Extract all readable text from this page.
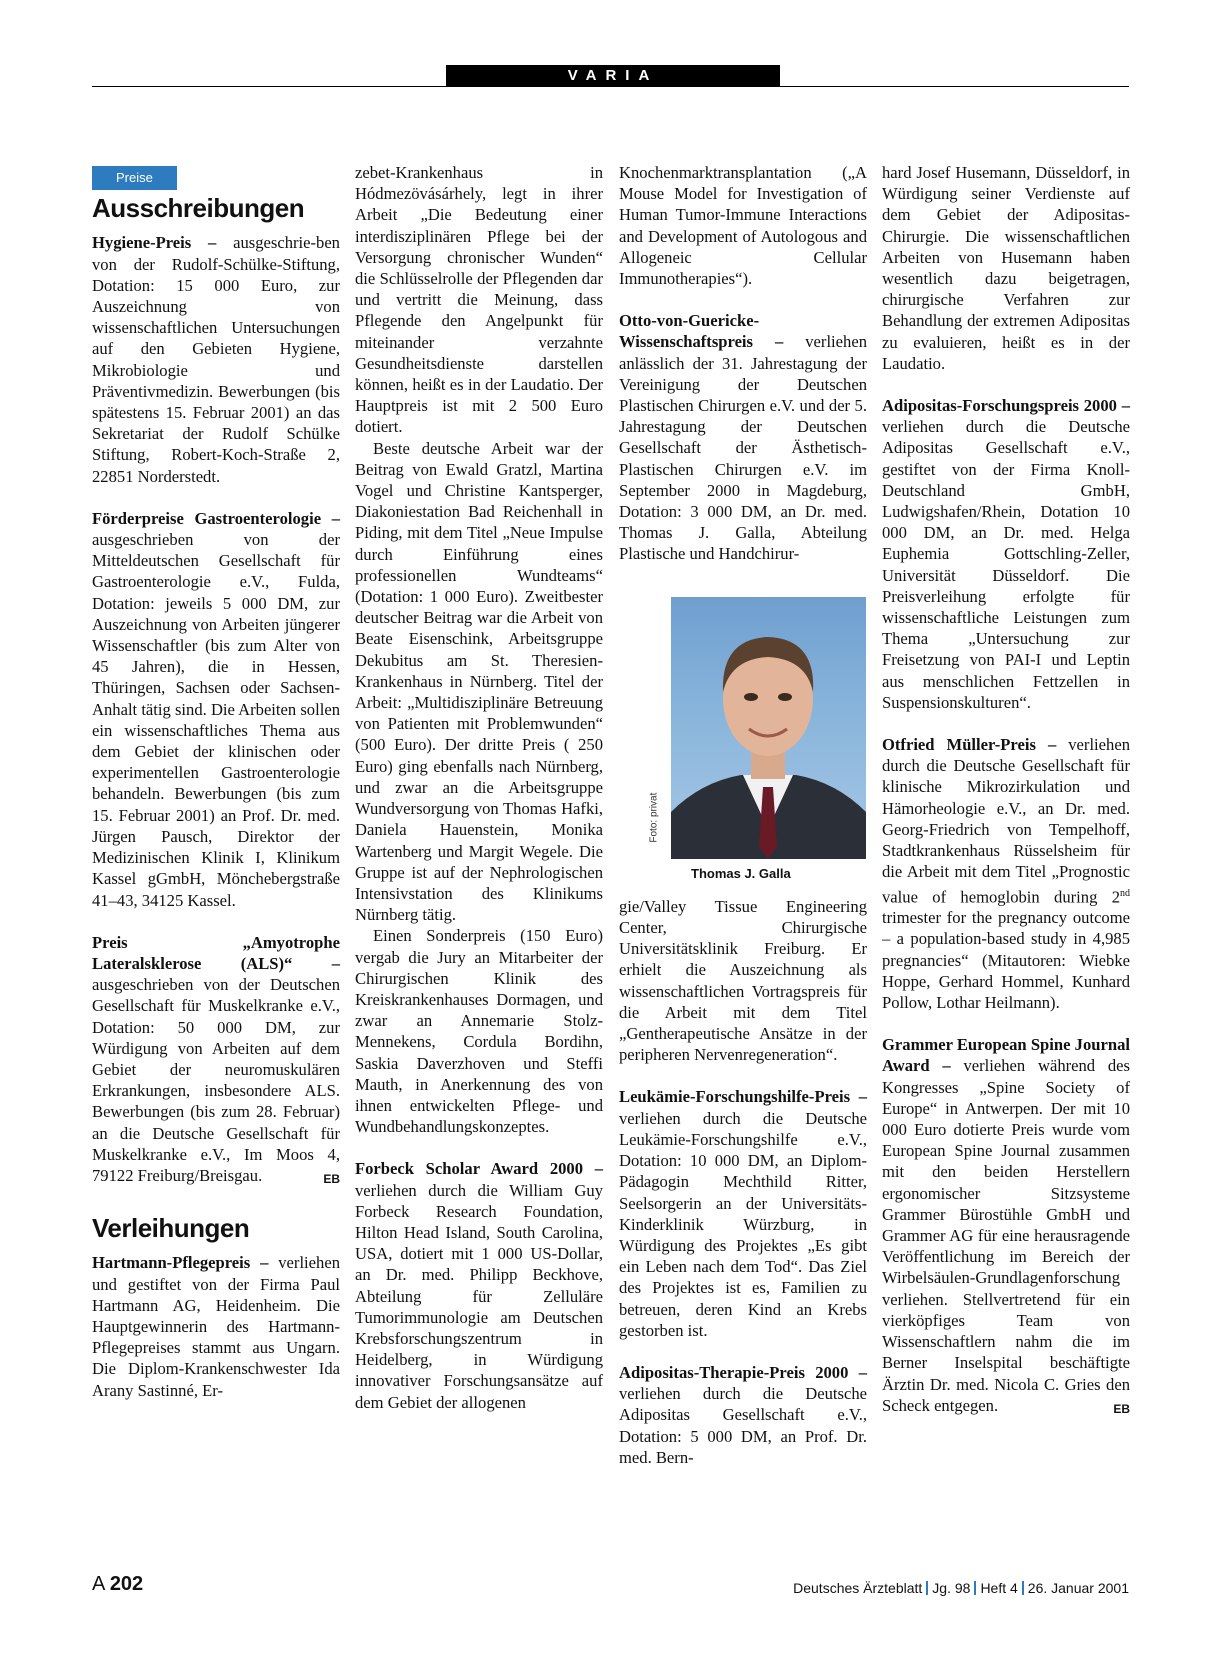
VARIA
Preise
Ausschreibungen

Hygiene-Preis – ausgeschrie-ben von der Rudolf-Schülke-Stiftung, Dotation: 15 000 Euro, zur Auszeichnung von wissenschaftlichen Untersuchungen auf den Gebieten Hygiene, Mikrobiologie und Präventivmedizin. Bewerbungen (bis spätestens 15. Februar 2001) an das Sekretariat der Rudolf Schülke Stiftung, Robert-Koch-Straße 2, 22851 Norderstedt.

Förderpreise Gastroenterologie – ausgeschrieben von der Mitteldeutschen Gesellschaft für Gastroenterologie e.V., Fulda, Dotation: jeweils 5 000 DM, zur Auszeichnung von Arbeiten jüngerer Wissenschaftler (bis zum Alter von 45 Jahren), die in Hessen, Thüringen, Sachsen oder Sachsen-Anhalt tätig sind. Die Arbeiten sollen ein wissenschaftliches Thema aus dem Gebiet der klinischen oder experimentellen Gastroenterologie behandeln. Bewerbungen (bis zum 15. Februar 2001) an Prof. Dr. med. Jürgen Pausch, Direktor der Medizinischen Klinik I, Klinikum Kassel gGmbH, Mönchebergstraße 41–43, 34125 Kassel.

Preis „Amyotrophe Lateralsklerose (ALS)“ – ausgeschrieben von der Deutschen Gesellschaft für Muskelkranke e.V., Dotation: 50 000 DM, zur Würdigung von Arbeiten auf dem Gebiet der neuromuskulären Erkrankungen, insbesondere ALS. Bewerbungen (bis zum 28. Februar) an die Deutsche Gesellschaft für Muskelkranke e.V., Im Moos 4, 79122 Freiburg/Breisgau.	EB

Verleihungen

Hartmann-Pflegepreis – verliehen und gestiftet von der Firma Paul Hartmann AG, Heidenheim. Die Hauptgewinnerin des Hartmann-Pflegepreises stammt aus Ungarn. Die Diplom-Krankenschwester Ida Arany Sastinné, Er-

zebet-Krankenhaus in Hódmezövásárhely, legt in ihrer Arbeit „Die Bedeutung einer interdisziplinären Pflege bei der Versorgung chronischer Wunden“ die Schlüsselrolle der Pflegenden dar und vertritt die Meinung, dass Pflegende den Angelpunkt für miteinander verzahnte Gesundheitsdienste darstellen können, heißt es in der Laudatio. Der Hauptpreis ist mit 2 500 Euro dotiert.

Beste deutsche Arbeit war der Beitrag von Ewald Gratzl, Martina Vogel und Christine Kantsperger, Diakoniestation Bad Reichenhall in Piding, mit dem Titel „Neue Impulse durch Einführung eines professionellen Wundteams“ (Dotation: 1 000 Euro). Zweitbester deutscher Beitrag war die Arbeit von Beate Eisenschink, Arbeitsgruppe Dekubitus am St. Theresien-Krankenhaus in Nürnberg. Titel der Arbeit: „Multidisziplinäre Betreuung von Patienten mit Problemwunden“ (500 Euro). Der dritte Preis ( 250 Euro) ging ebenfalls nach Nürnberg, und zwar an die Arbeitsgruppe Wundversorgung von Thomas Hafki, Daniela Hauenstein, Monika Wartenberg und Margit Wegele. Die Gruppe ist auf der Nephrologischen Intensivstation des Klinikums Nürnberg tätig.

Einen Sonderpreis (150 Euro) vergab die Jury an Mitarbeiter der Chirurgischen Klinik des Kreiskrankenhauses Dormagen, und zwar an Annemarie Stolz-Mennekens, Cordula Bordihn, Saskia Daverzhoven und Steffi Mauth, in Anerkennung des von ihnen entwickelten Pflege- und Wundbehandlungskonzeptes.

Forbeck Scholar Award 2000 – verliehen durch die William Guy Forbeck Research Foundation, Hilton Head Island, South Carolina, USA, dotiert mit 1 000 US-Dollar, an Dr. med. Philipp Beckhove, Abteilung für Zelluläre Tumorimmunologie am Deutschen Krebsforschungszentrum in Heidelberg, in Würdigung innovativer Forschungsansätze auf dem Gebiet der allogenen

Knochenmarktransplantation („A Mouse Model for Investigation of Human Tumor-Immune Interactions and Development of Autologous and Allogeneic Cellular Immunotherapies“).

Otto-von-Guericke-Wissenschaftspreis – verliehen anlässlich der 31. Jahrestagung der Vereinigung der Deutschen Plastischen Chirurgen e.V. und der 5. Jahrestagung der Deutschen Gesellschaft der Ästhetisch-Plastischen Chirurgen e.V. im September 2000 in Magdeburg, Dotation: 3 000 DM, an Dr. med. Thomas J. Galla, Abteilung Plastische und Handchirur-

Foto: privat
Thomas J. Galla

gie/Valley Tissue Engineering Center, Chirurgische Universitätsklinik Freiburg. Er erhielt die Auszeichnung als wissenschaftlichen Vortragspreis für die Arbeit mit dem Titel „Gentherapeutische Ansätze in der peripheren Nervenregeneration“.

Leukämie-Forschungshilfe-Preis – verliehen durch die Deutsche Leukämie-Forschungshilfe e.V., Dotation: 10 000 DM, an Diplom-Pädagogin Mechthild Ritter, Seelsorgerin an der Universitäts-Kinderklinik Würzburg, in Würdigung des Projektes „Es gibt ein Leben nach dem Tod“. Das Ziel des Projektes ist es, Familien zu betreuen, deren Kind an Krebs gestorben ist.

Adipositas-Therapie-Preis 2000 – verliehen durch die Deutsche Adipositas Gesellschaft e.V., Dotation: 5 000 DM, an Prof. Dr. med. Bern-

hard Josef Husemann, Düsseldorf, in Würdigung seiner Verdienste auf dem Gebiet der Adipositas-Chirurgie. Die wissenschaftlichen Arbeiten von Husemann haben wesentlich dazu beigetragen, chirurgische Verfahren zur Behandlung der extremen Adipositas zu evaluieren, heißt es in der Laudatio.

Adipositas-Forschungspreis 2000 – verliehen durch die Deutsche Adipositas Gesellschaft e.V., gestiftet von der Firma Knoll-Deutschland GmbH, Ludwigshafen/Rhein, Dotation 10 000 DM, an Dr. med. Helga Euphemia Gottschling-Zeller, Universität Düsseldorf. Die Preisverleihung erfolgte für wissenschaftliche Leistungen zum Thema „Untersuchung zur Freisetzung von PAI-I und Leptin aus menschlichen Fettzellen in Suspensionskulturen“.

Otfried Müller-Preis – verliehen durch die Deutsche Gesellschaft für klinische Mikrozirkulation und Hämorheologie e.V., an Dr. med. Georg-Friedrich von Tempelhoff, Stadtkrankenhaus Rüsselsheim für die Arbeit mit dem Titel „Prognostic value of hemoglobin during 2nd trimester for the pregnancy outcome – a population-based study in 4,985 pregnancies“ (Mitautoren: Wiebke Hoppe, Gerhard Hommel, Kunhard Pollow, Lothar Heilmann).

Grammer European Spine Journal Award – verliehen während des Kongresses „Spine Society of Europe“ in Antwerpen. Der mit 10 000 Euro dotierte Preis wurde vom European Spine Journal zusammen mit den beiden Herstellern ergonomischer Sitzsysteme Grammer Bürostühle GmbH und Grammer AG für eine herausragende Veröffentlichung im Bereich der Wirbelsäulen-Grundlagenforschung verliehen. Stellvertretend für ein vierköpfiges Team von Wissenschaftlern nahm die im Berner Inselspital beschäftigte Ärztin Dr. med. Nicola C. Gries den Scheck entgegen.	EB

A 202	Deutsches Ärzteblatt Jg. 98 Heft 4 26. Januar 2001
